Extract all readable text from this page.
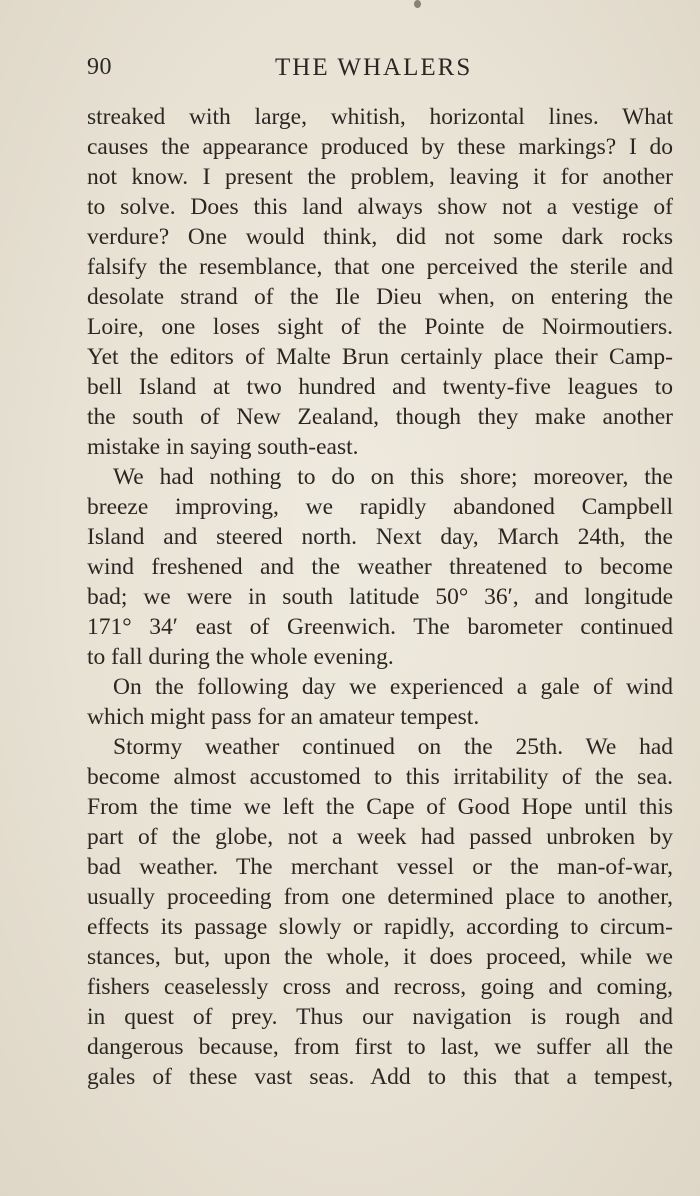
90	THE WHALERS
streaked with large, whitish, horizontal lines. What
causes the appearance produced by these markings? I do
not know. I present the problem, leaving it for another
to solve. Does this land always show not a vestige of
verdure? One would think, did not some dark rocks
falsify the resemblance, that one perceived the sterile and
desolate strand of the Ile Dieu when, on entering the
Loire, one loses sight of the Pointe de Noirmoutiers.
Yet the editors of Malte Brun certainly place their Camp-
bell Island at two hundred and twenty-five leagues to
the south of New Zealand, though they make another
mistake in saying south-east.
We had nothing to do on this shore; moreover, the
breeze improving, we rapidly abandoned Campbell
Island and steered north. Next day, March 24th, the
wind freshened and the weather threatened to become
bad; we were in south latitude 50° 36′, and longitude
171° 34′ east of Greenwich. The barometer continued
to fall during the whole evening.
On the following day we experienced a gale of wind
which might pass for an amateur tempest.
Stormy weather continued on the 25th. We had
become almost accustomed to this irritability of the sea.
From the time we left the Cape of Good Hope until this
part of the globe, not a week had passed unbroken by
bad weather. The merchant vessel or the man-of-war,
usually proceeding from one determined place to another,
effects its passage slowly or rapidly, according to circum-
stances, but, upon the whole, it does proceed, while we
fishers ceaselessly cross and recross, going and coming,
in quest of prey. Thus our navigation is rough and
dangerous because, from first to last, we suffer all the
gales of these vast seas. Add to this that a tempest,
